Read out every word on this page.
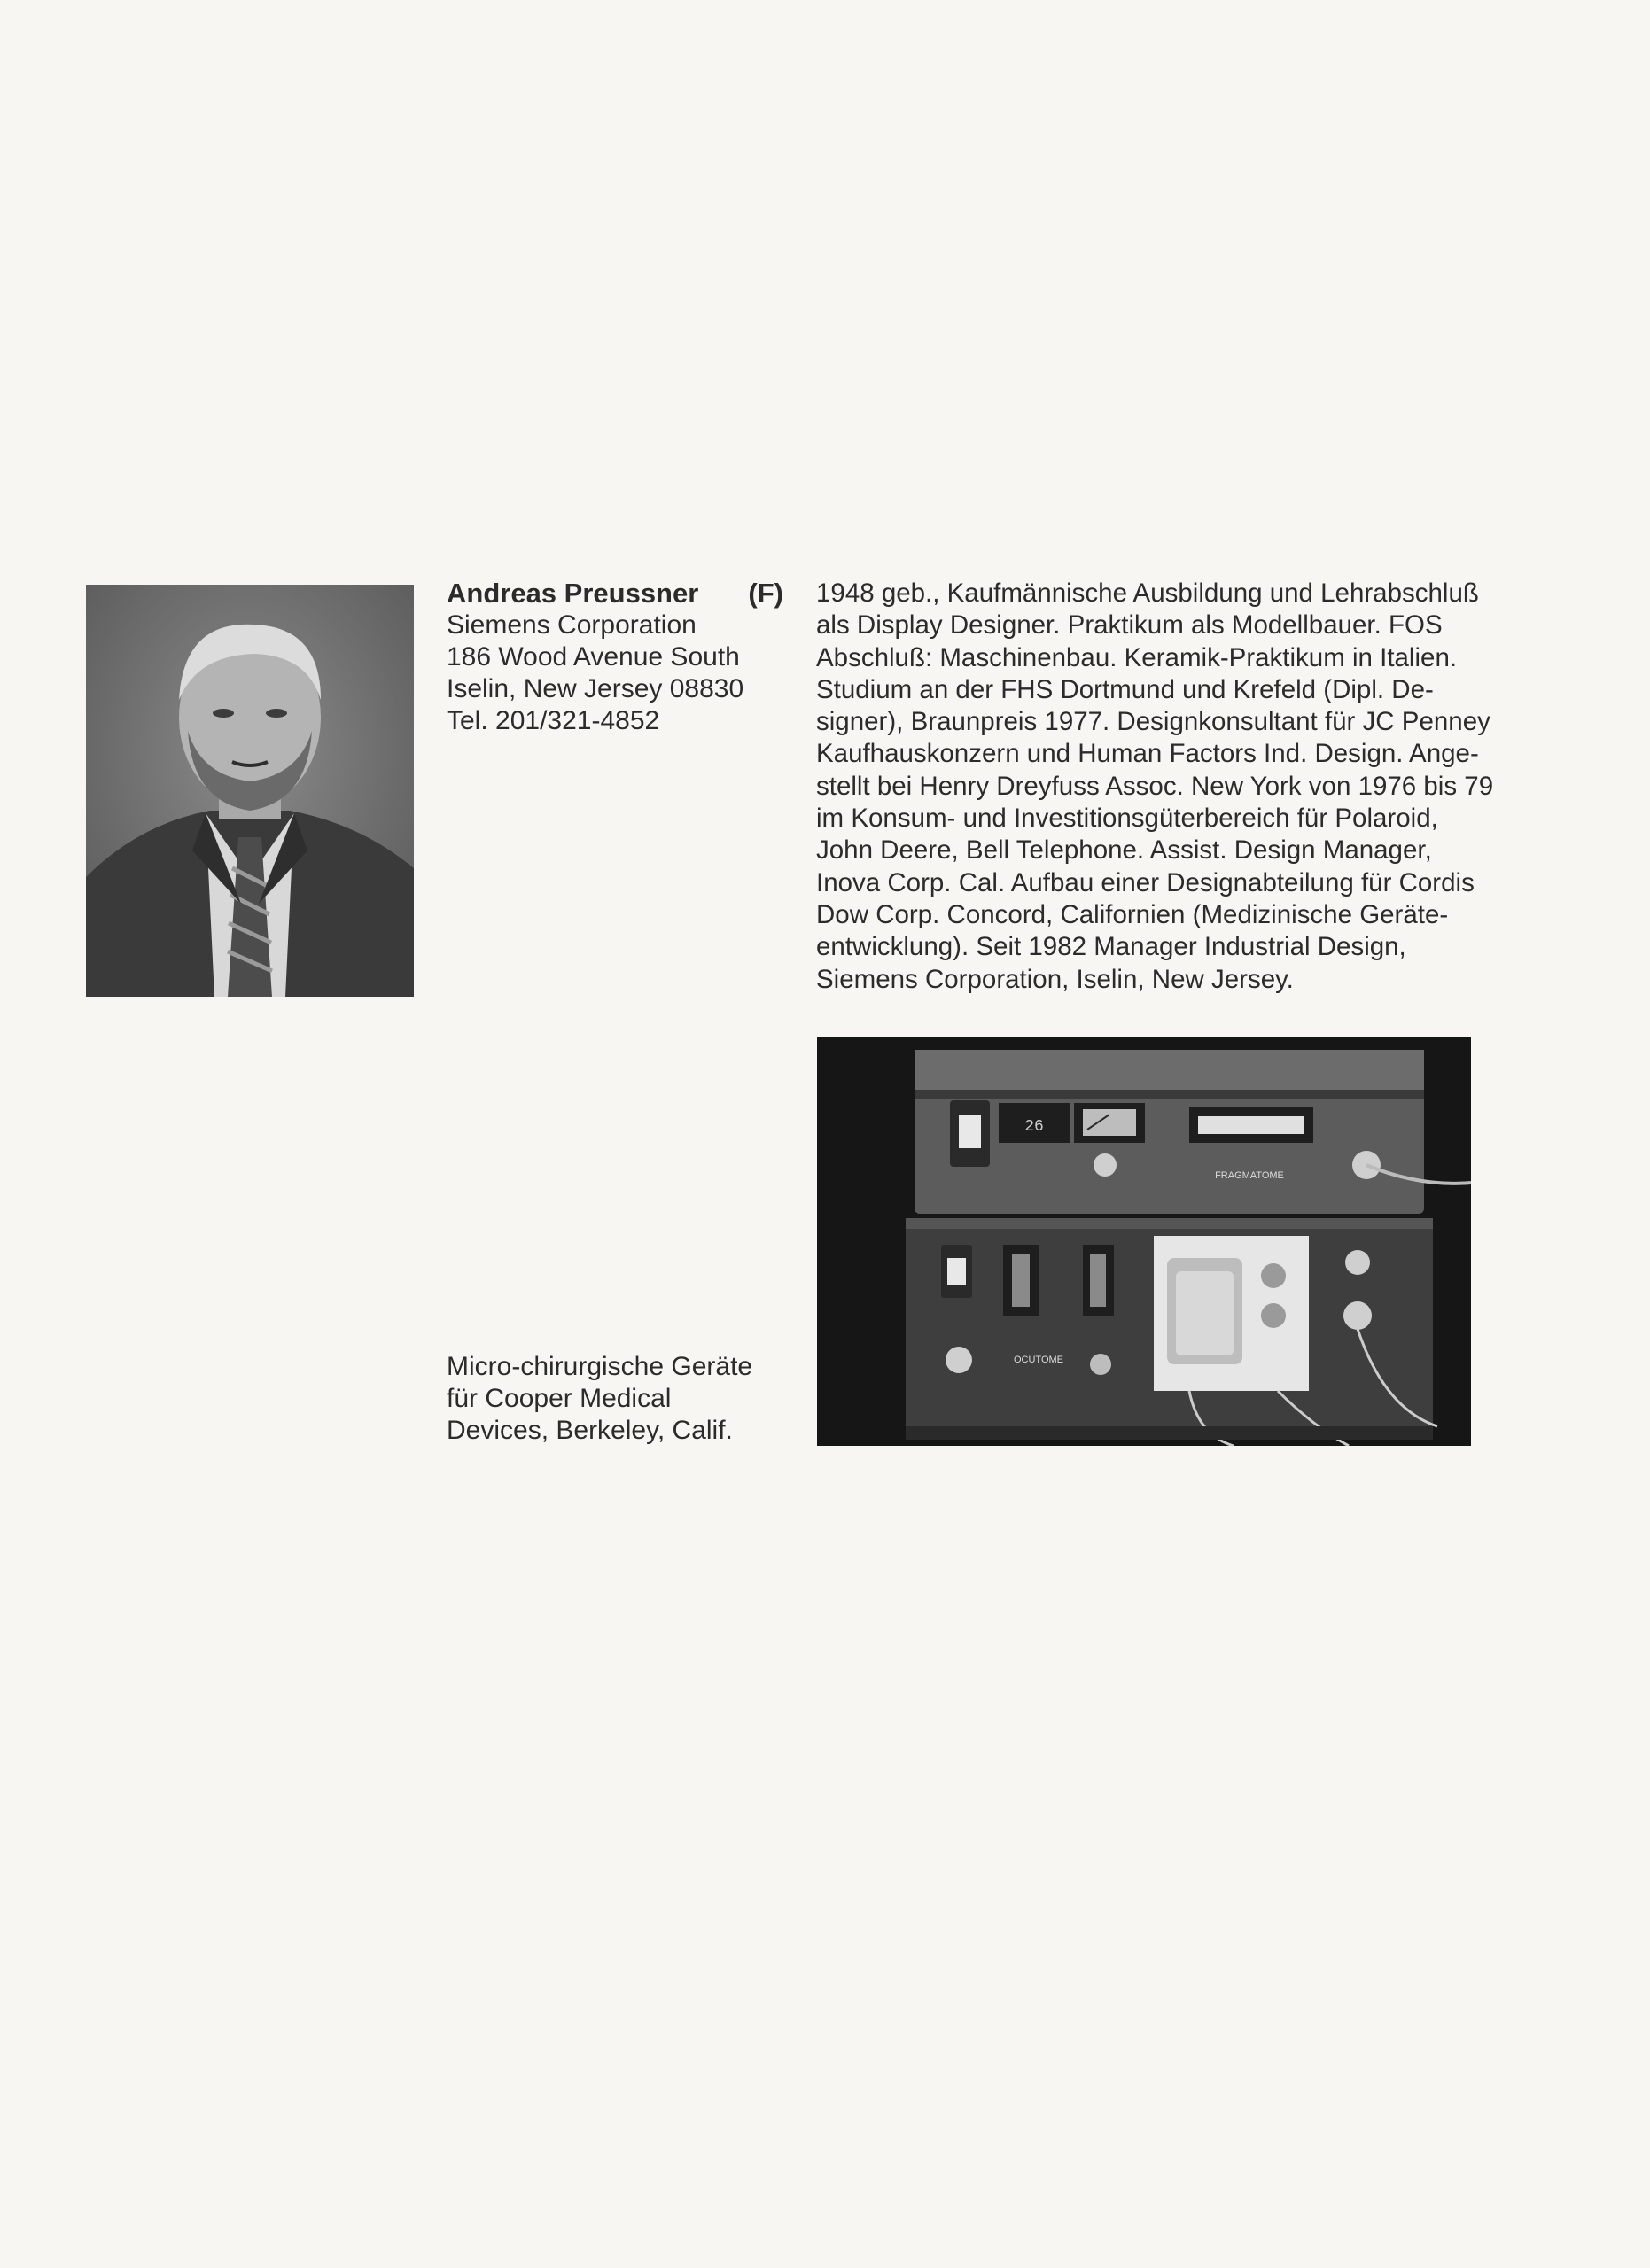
Andreas Preussner (F)
Siemens Corporation
186 Wood Avenue South
Iselin, New Jersey 08830
Tel. 201/321-4852
1948 geb., Kaufmännische Ausbildung und Lehrabschluß
als Display Designer. Praktikum als Modellbauer. FOS
Abschluß: Maschinenbau. Keramik-Praktikum in Italien.
Studium an der FHS Dortmund und Krefeld (Dipl. De-
signer), Braunpreis 1977. Designkonsultant für JC Penney
Kaufhauskonzern und Human Factors Ind. Design. Ange-
stellt bei Henry Dreyfuss Assoc. New York von 1976 bis 79
im Konsum- und Investitionsgüterbereich für Polaroid,
John Deere, Bell Telephone. Assist. Design Manager,
Inova Corp. Cal. Aufbau einer Designabteilung für Cordis
Dow Corp. Concord, Californien (Medizinische Geräte-
entwicklung). Seit 1982 Manager Industrial Design,
Siemens Corporation, Iselin, New Jersey.
26
FRAGMATOME
OCUTOME
Micro-chirurgische Geräte
für Cooper Medical
Devices, Berkeley, Calif.
